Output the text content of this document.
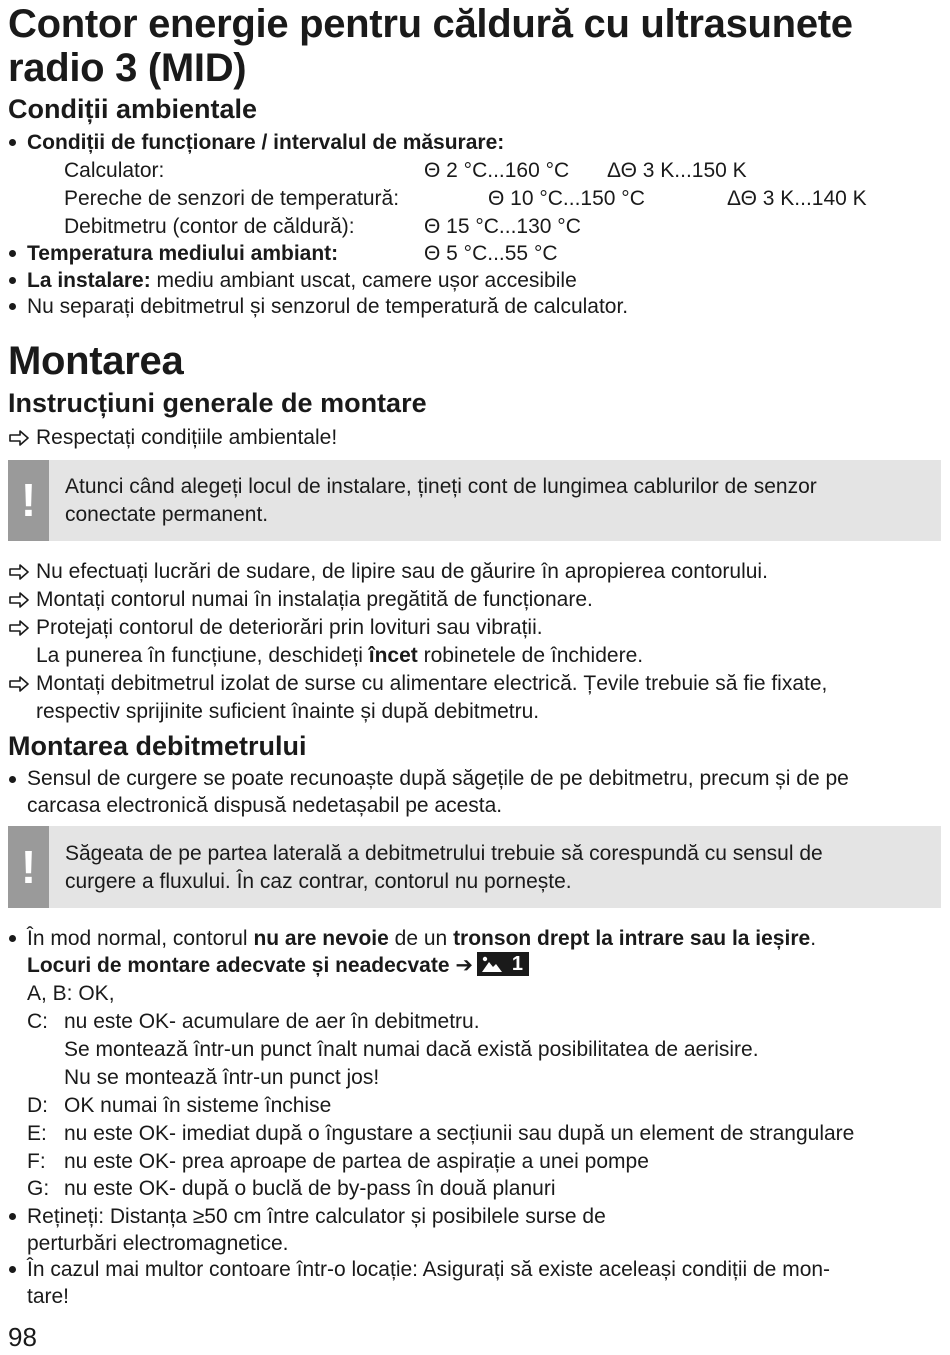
Contor energie pentru căldură cu ultrasunete
radio 3 (MID)
Condiții ambientale
Condiții de funcționare / intervalul de măsurare:
Calculator:	Θ 2 °C...160 °C ΔΘ 3 K...150 K
Pereche de senzori de temperatură:	Θ 10 °C...150 °C	ΔΘ 3 K...140 K
Debitmetru (contor de căldură):	Θ 15 °C...130 °C
Temperatura mediului ambiant:	Θ 5 °C...55 °C
La instalare: mediu ambiant uscat, camere ușor accesibile
Nu separați debitmetrul și senzorul de temperatură de calculator.
Montarea
Instrucțiuni generale de montare
Respectați condițiile ambientale!
!	Atunci când alegeți locul de instalare, țineți cont de lungimea cablurilor de senzor
conectate permanent.
Nu efectuați lucrări de sudare, de lipire sau de găurire în apropierea contorului.
Montați contorul numai în instalația pregătită de funcționare.
Protejați contorul de deteriorări prin lovituri sau vibrații.
La punerea în funcțiune, deschideți încet robinetele de închidere.
Montați debitmetrul izolat de surse cu alimentare electrică. Țevile trebuie să fie fixate,
respectiv sprijinite suficient înainte și după debitmetru.
Montarea debitmetrului
Sensul de curgere se poate recunoaște după săgețile de pe debitmetru, precum și de pe
carcasa electronică dispusă nedetașabil pe acesta.
!	Săgeata de pe partea laterală a debitmetrului trebuie să corespundă cu sensul de
curgere a fluxului. În caz contrar, contorul nu pornește.
În mod normal, contorul nu are nevoie de un tronson drept la intrare sau la ieșire.
Locuri de montare adecvate și neadecvate ➔ 1
A, B: OK,
C: nu este OK- acumulare de aer în debitmetru.
Se montează într-un punct înalt numai dacă există posibilitatea de aerisire.
Nu se montează într-un punct jos!
D: OK numai în sisteme închise
E: nu este OK- imediat după o îngustare a secțiunii sau după un element de strangulare
F: nu este OK- prea aproape de partea de aspirație a unei pompe
G: nu este OK- după o buclă de by-pass în două planuri
Rețineți: Distanța ≥50 cm între calculator și posibilele surse de
perturbări electromagnetice.
În cazul mai multor contoare într-o locație: Asigurați să existe aceleași condiții de mon-
tare!
98
